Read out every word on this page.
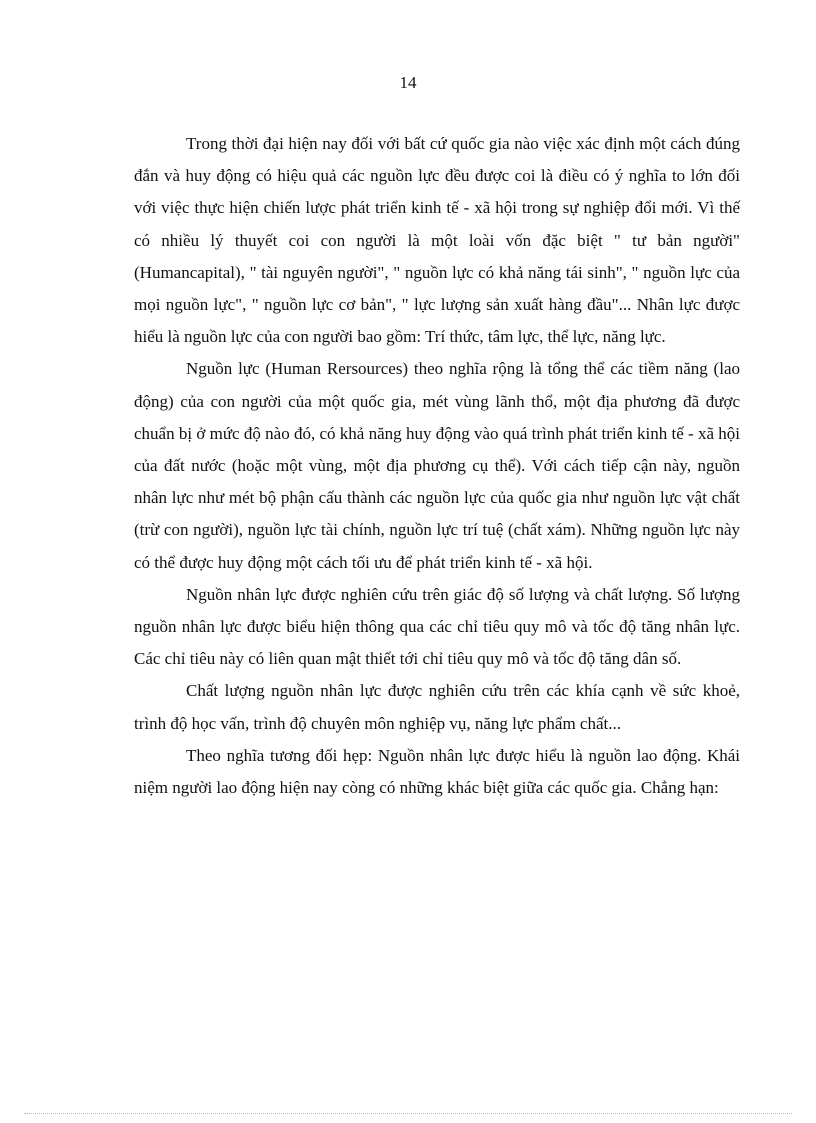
14

Trong thời đại hiện nay đối với bất cứ quốc gia nào việc xác định một cách đúng đắn và huy động có hiệu quả các nguồn lực đều được coi là điều có ý nghĩa to lớn đối với việc thực hiện chiến lược phát triển kinh tế - xã hội trong sự nghiệp đổi mới. Vì thế có nhiều lý thuyết coi con người là một loài vốn đặc biệt " tư bản người" (Humancapital), " tài nguyên người", " nguồn lực có khả năng tái sinh", " nguồn lực của mọi nguồn lực", " nguồn lực cơ bản", " lực lượng sản xuất hàng đầu"... Nhân lực được hiểu là nguồn lực của con người bao gồm: Trí thức, tâm lực, thể lực, năng lực.

Nguồn lực (Human Rersources) theo nghĩa rộng là tổng thể các tiềm năng (lao động) của con người của một quốc gia, mét vùng lãnh thổ, một địa phương đã được chuẩn bị ở mức độ nào đó, có khả năng huy động vào quá trình phát triển kinh tế - xã hội của đất nước (hoặc một vùng, một địa phương cụ thể). Với cách tiếp cận này, nguồn nhân lực như mét bộ phận cấu thành các nguồn lực của quốc gia như nguồn lực vật chất (trừ con người), nguồn lực tài chính, nguồn lực trí tuệ (chất xám). Những nguồn lực này có thể được huy động một cách tối ưu để phát triển kinh tế - xã hội.

Nguồn nhân lực được nghiên cứu trên giác độ số lượng và chất lượng. Số lượng nguồn nhân lực được biểu hiện thông qua các chỉ tiêu quy mô và tốc độ tăng nhân lực. Các chỉ tiêu này có liên quan mật thiết tới chỉ tiêu quy mô và tốc độ tăng dân số.

Chất lượng nguồn nhân lực được nghiên cứu trên các khía cạnh về sức khoẻ, trình độ học vấn, trình độ chuyên môn nghiệp vụ, năng lực phẩm chất...

Theo nghĩa tương đối hẹp: Nguồn nhân lực được hiểu là nguồn lao động. Khái niệm người lao động hiện nay còng có những khác biệt giữa các quốc gia. Chẳng hạn:
